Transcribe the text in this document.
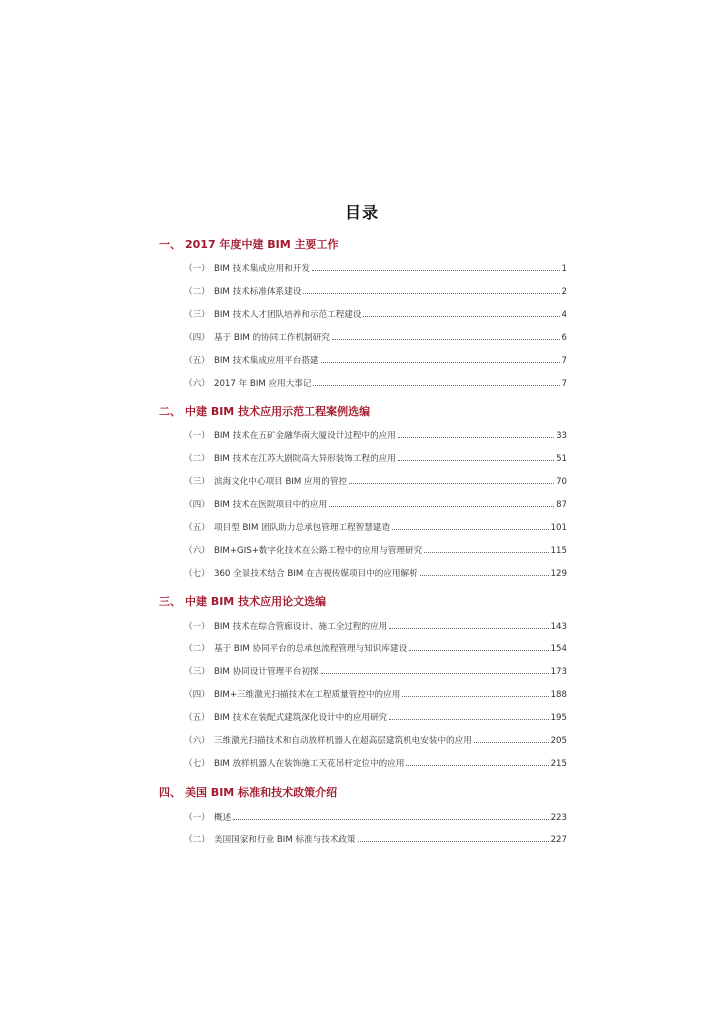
目录
一、 2017 年度中建 BIM 主要工作
（一） BIM 技术集成应用和开发	1
（二） BIM 技术标准体系建设	2
（三） BIM 技术人才团队培养和示范工程建设	4
（四） 基于 BIM 的协同工作机制研究	6
（五） BIM 技术集成应用平台搭建	7
（六） 2017 年 BIM 应用大事记	7
二、 中建 BIM 技术应用示范工程案例选编
（一） BIM 技术在五矿金融华南大厦设计过程中的应用	33
（二） BIM 技术在江苏大剧院高大异形装饰工程的应用	51
（三） 滨海文化中心项目 BIM 应用的管控	70
（四） BIM 技术在医院项目中的应用	87
（五） 项目型 BIM 团队助力总承包管理工程智慧建造	101
（六） BIM+GIS+数字化技术在公路工程中的应用与管理研究	115
（七） 360 全景技术结合 BIM 在吉视传媒项目中的应用解析	129
三、 中建 BIM 技术应用论文选编
（一） BIM 技术在综合管廊设计、施工全过程的应用	143
（二） 基于 BIM 协同平台的总承包流程管理与知识库建设	154
（三） BIM 协同设计管理平台初探	173
（四） BIM+三维激光扫描技术在工程质量管控中的应用	188
（五） BIM 技术在装配式建筑深化设计中的应用研究	195
（六） 三维激光扫描技术和自动放样机器人在超高层建筑机电安装中的应用	205
（七） BIM 放样机器人在装饰施工天花吊杆定位中的应用	215
四、 美国 BIM 标准和技术政策介绍
（一） 概述	223
（二） 美国国家和行业 BIM 标准与技术政策	227
